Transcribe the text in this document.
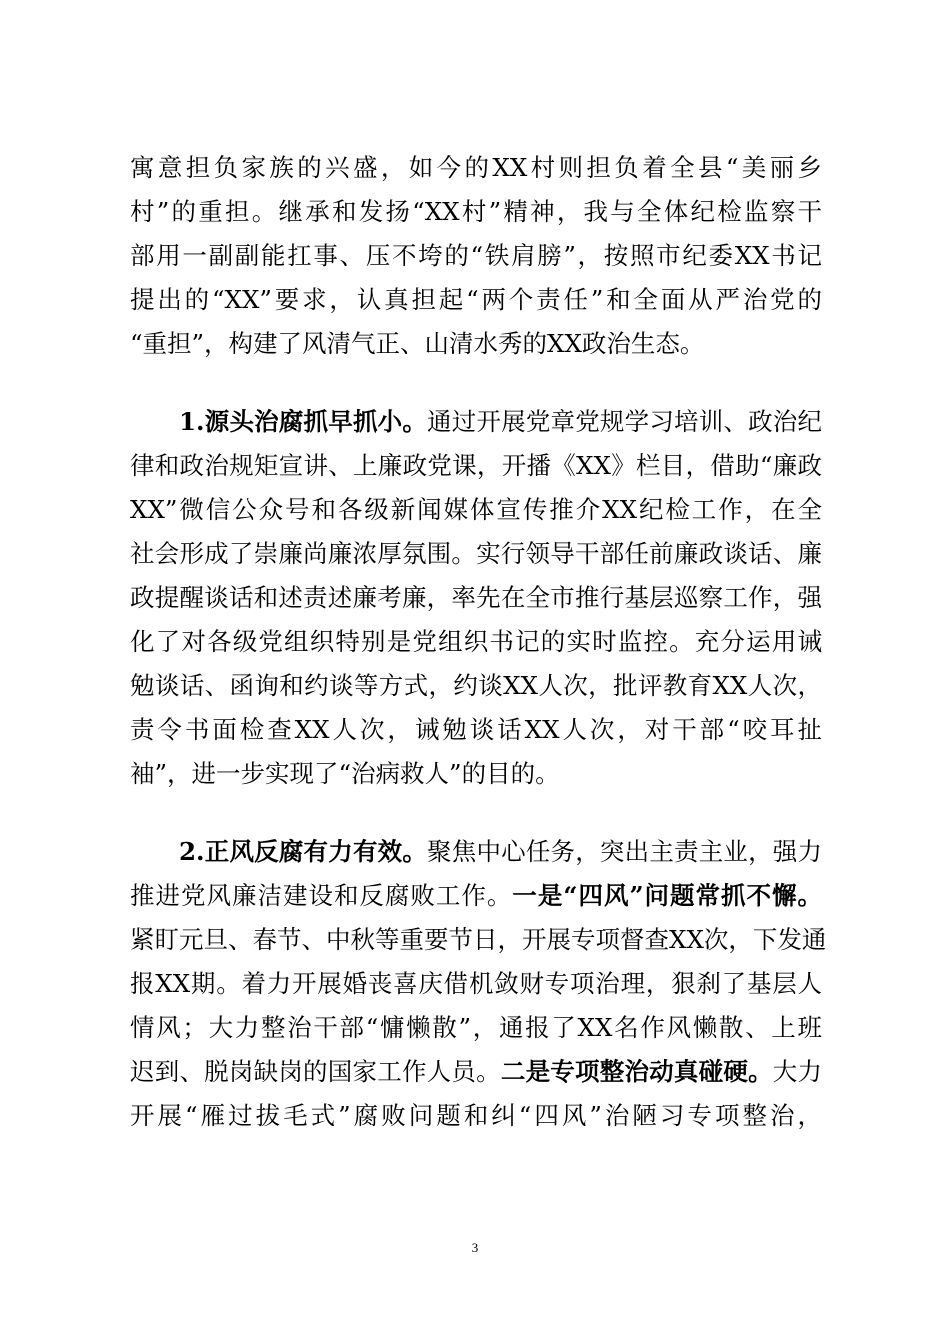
寓意担负家族的兴盛，如今的XX村则担负着全县“美丽乡
村”的重担。继承和发扬“XX村”精神，我与全体纪检监察干
部用一副副能扛事、压不垮的“铁肩膀”，按照市纪委XX书记
提出的“XX”要求，认真担起“两个责任”和全面从严治党的
“重担”，构建了风清气正、山清水秀的XX政治生态。
1.源头治腐抓早抓小。通过开展党章党规学习培训、政治纪
律和政治规矩宣讲、上廉政党课，开播《XX》栏目，借助“廉政
XX”微信公众号和各级新闻媒体宣传推介XX纪检工作，在全
社会形成了崇廉尚廉浓厚氛围。实行领导干部任前廉政谈话、廉
政提醒谈话和述责述廉考廉，率先在全市推行基层巡察工作，强
化了对各级党组织特别是党组织书记的实时监控。充分运用诫
勉谈话、函询和约谈等方式，约谈XX人次，批评教育XX人次，
责令书面检查XX人次，诫勉谈话XX人次，对干部“咬耳扯
袖”，进一步实现了“治病救人”的目的。
2.正风反腐有力有效。聚焦中心任务，突出主责主业，强力
推进党风廉洁建设和反腐败工作。一是“四风”问题常抓不懈。
紧盯元旦、春节、中秋等重要节日，开展专项督查XX次，下发通
报XX期。着力开展婚丧喜庆借机敛财专项治理，狠刹了基层人
情风；大力整治干部“慵懒散”，通报了XX名作风懒散、上班
迟到、脱岗缺岗的国家工作人员。二是专项整治动真碰硬。大力
开展“雁过拔毛式”腐败问题和纠“四风”治陋习专项整治，
3
